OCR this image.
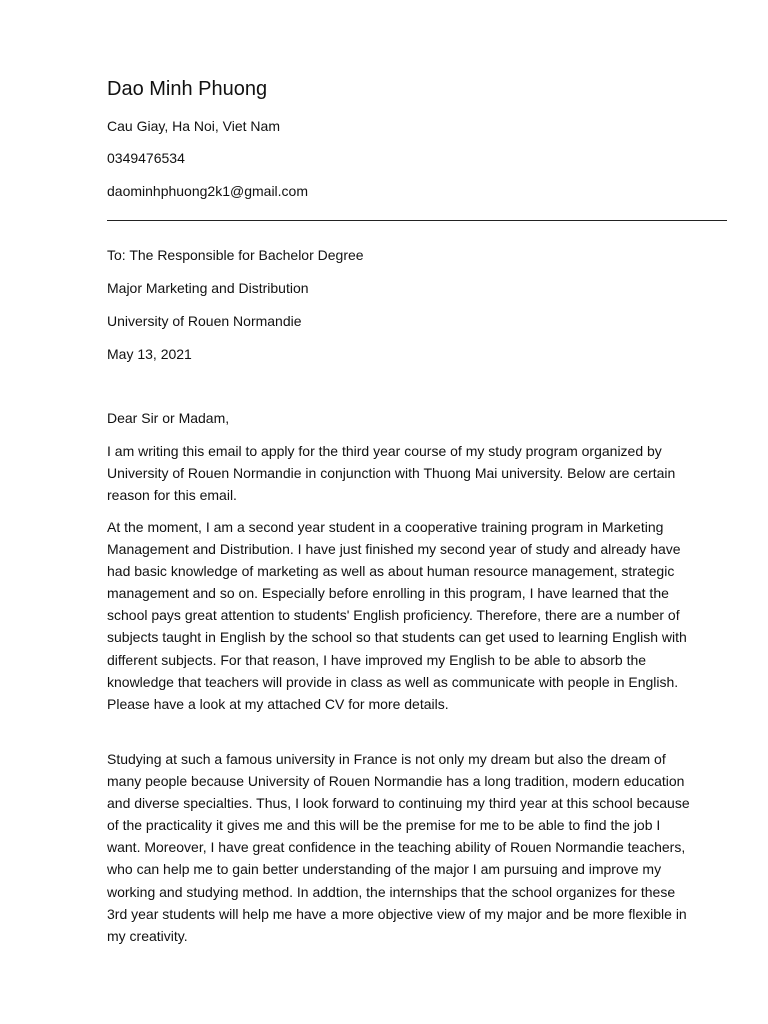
Dao Minh Phuong
Cau Giay, Ha Noi, Viet Nam
0349476534
daominhphuong2k1@gmail.com
To: The Responsible for Bachelor Degree
Major Marketing and Distribution
University of Rouen Normandie
May 13, 2021
Dear Sir or Madam,

I am writing this email to apply for the third year course of my study program organized by University of Rouen Normandie in conjunction with Thuong Mai university. Below are certain reason for this email.

At the moment, I am a second year student in a cooperative training program in Marketing Management and Distribution. I have just finished my second year of study and already have had basic knowledge of marketing as well as about human resource management, strategic management and so on. Especially before enrolling in this program, I have learned that the school pays great attention to students' English proficiency. Therefore, there are a number of subjects taught in English by the school so that students can get used to learning English with different subjects. For that reason, I have improved my English to be able to absorb the knowledge that teachers will provide in class as well as communicate with people in English. Please have a look at my attached CV for more details.

Studying at such a famous university in France is not only my dream but also the dream of many people because University of Rouen Normandie has a long tradition, modern education and diverse specialties. Thus, I look forward to continuing my third year at this school because of the practicality it gives me and this will be the premise for me to be able to find the job I want. Moreover, I have great confidence in the teaching ability of Rouen Normandie teachers, who can help me to gain better understanding of the major I am pursuing and improve my working and studying method. In addtion, the internships that the school organizes for these 3rd year students will help me have a more objective view of my major and be more flexible in my creativity.
